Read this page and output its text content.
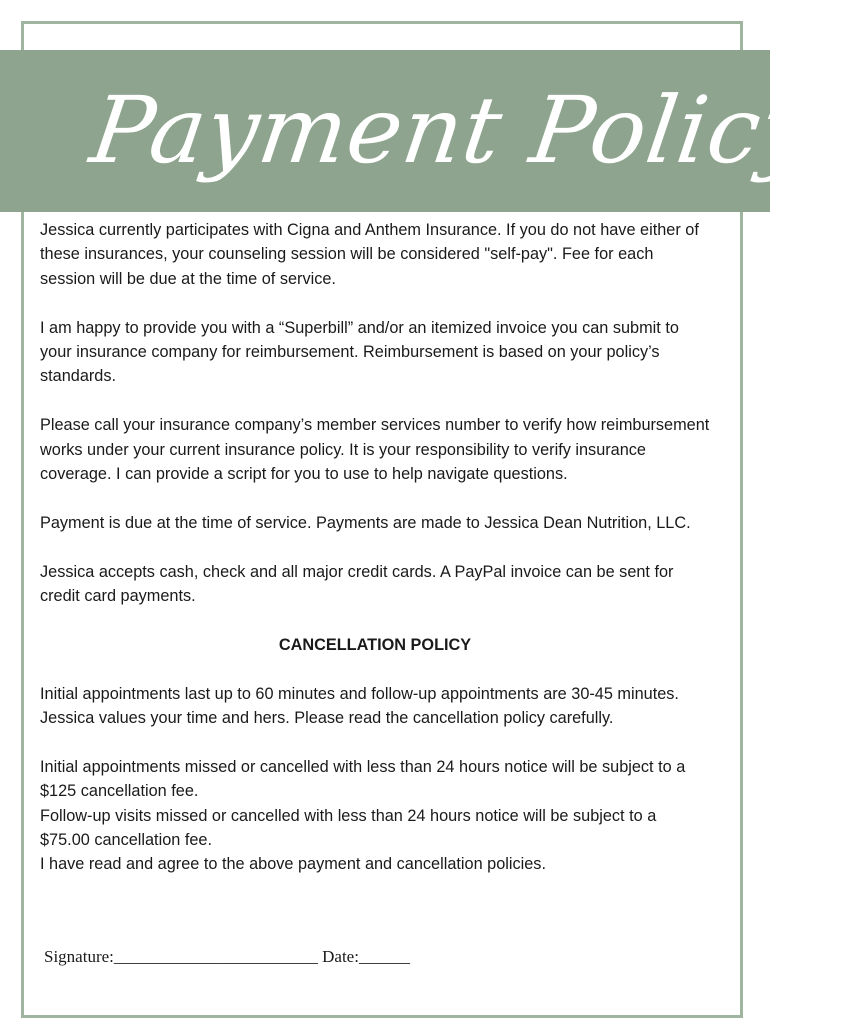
Payment Policy:

Jessica currently participates with Cigna and Anthem Insurance. If you do not have either of these insurances, your counseling session will be considered "self-pay". Fee for each session will be due at the time of service.

I am happy to provide you with a “Superbill” and/or an itemized invoice you can submit to your insurance company for reimbursement. Reimbursement is based on your policy’s standards.

Please call your insurance company’s member services number to verify how reimbursement works under your current insurance policy. It is your responsibility to verify insurance coverage. I can provide a script for you to use to help navigate questions.

Payment is due at the time of service. Payments are made to Jessica Dean Nutrition, LLC.

Jessica accepts cash, check and all major credit cards. A PayPal invoice can be sent for credit card payments.

CANCELLATION POLICY

Initial appointments last up to 60 minutes and follow-up appointments are 30-45 minutes. Jessica values your time and hers. Please read the cancellation policy carefully.

Initial appointments missed or cancelled with less than 24 hours notice will be subject to a $125 cancellation fee.

Follow-up visits missed or cancelled with less than 24 hours notice will be subject to a $75.00 cancellation fee.

I have read and agree to the above payment and cancellation policies.

Signature:________________________ Date:______
